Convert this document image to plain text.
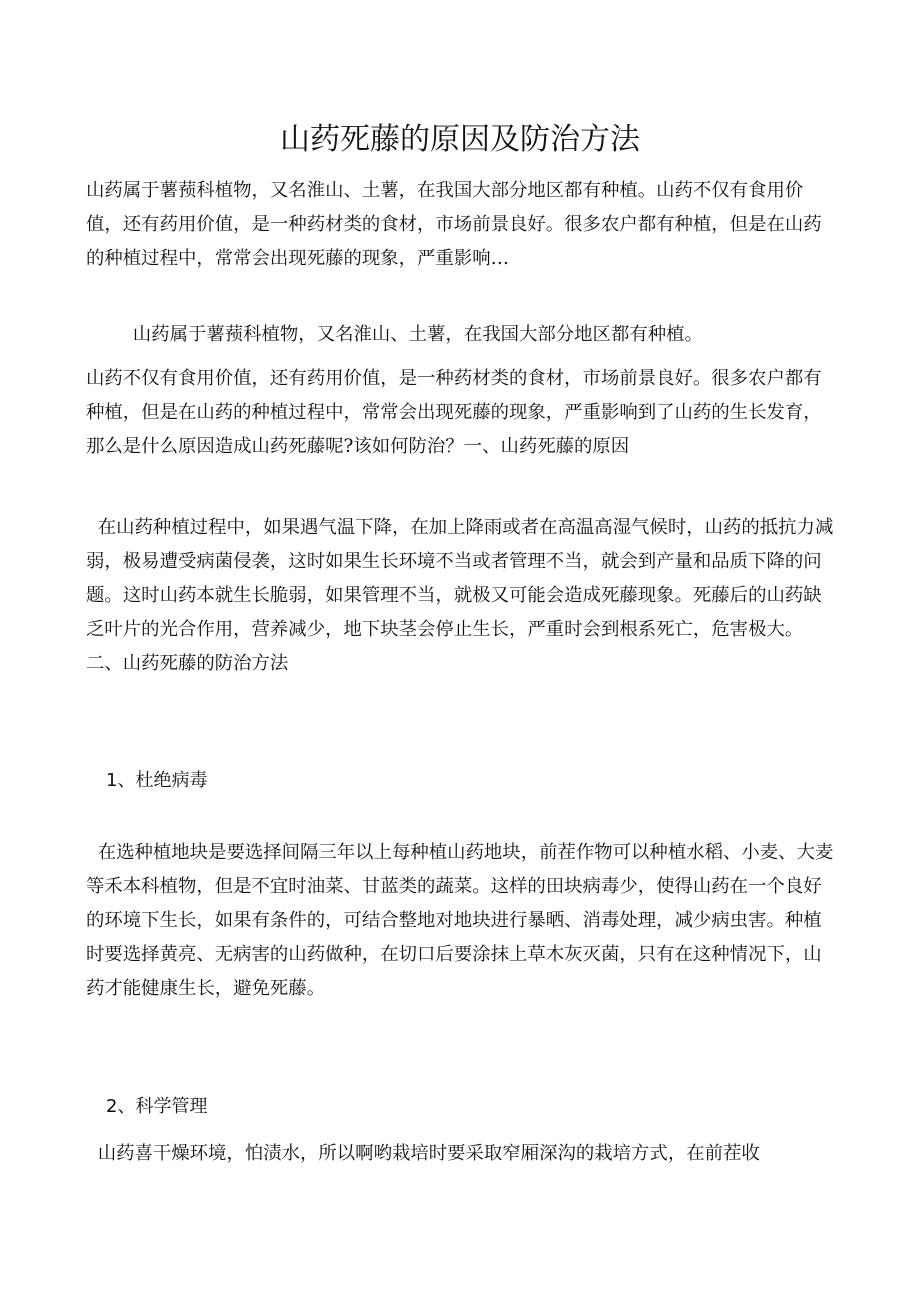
山药死藤的原因及防治方法

山药属于薯蓣科植物，又名淮山、土薯，在我国大部分地区都有种植。山药不仅有食用价值，还有药用价值，是一种药材类的食材，市场前景良好。很多农户都有种植，但是在山药的种植过程中，常常会出现死藤的现象，严重影响…

山药属于薯蓣科植物，又名淮山、土薯，在我国大部分地区都有种植。

山药不仅有食用价值，还有药用价值，是一种药材类的食材，市场前景良好。很多农户都有种植，但是在山药的种植过程中，常常会出现死藤的现象，严重影响到了山药的生长发育，那么是什么原因造成山药死藤呢?该如何防治？一、山药死藤的原因

在山药种植过程中，如果遇气温下降，在加上降雨或者在高温高湿气候时，山药的抵抗力减弱，极易遭受病菌侵袭，这时如果生长环境不当或者管理不当，就会到产量和品质下降的问题。这时山药本就生长脆弱，如果管理不当，就极又可能会造成死藤现象。死藤后的山药缺乏叶片的光合作用，营养减少，地下块茎会停止生长，严重时会到根系死亡，危害极大。二、山药死藤的防治方法

1、杜绝病毒

在选种植地块是要选择间隔三年以上每种植山药地块，前茬作物可以种植水稻、小麦、大麦等禾本科植物，但是不宜时油菜、甘蓝类的蔬菜。这样的田块病毒少，使得山药在一个良好的环境下生长，如果有条件的，可结合整地对地块进行暴晒、消毒处理，减少病虫害。种植时要选择黄亮、无病害的山药做种，在切口后要涂抹上草木灰灭菌，只有在这种情况下，山药才能健康生长，避免死藤。

2、科学管理

山药喜干燥环境，怕渍水，所以啊哟栽培时要采取窄厢深沟的栽培方式，在前茬收
